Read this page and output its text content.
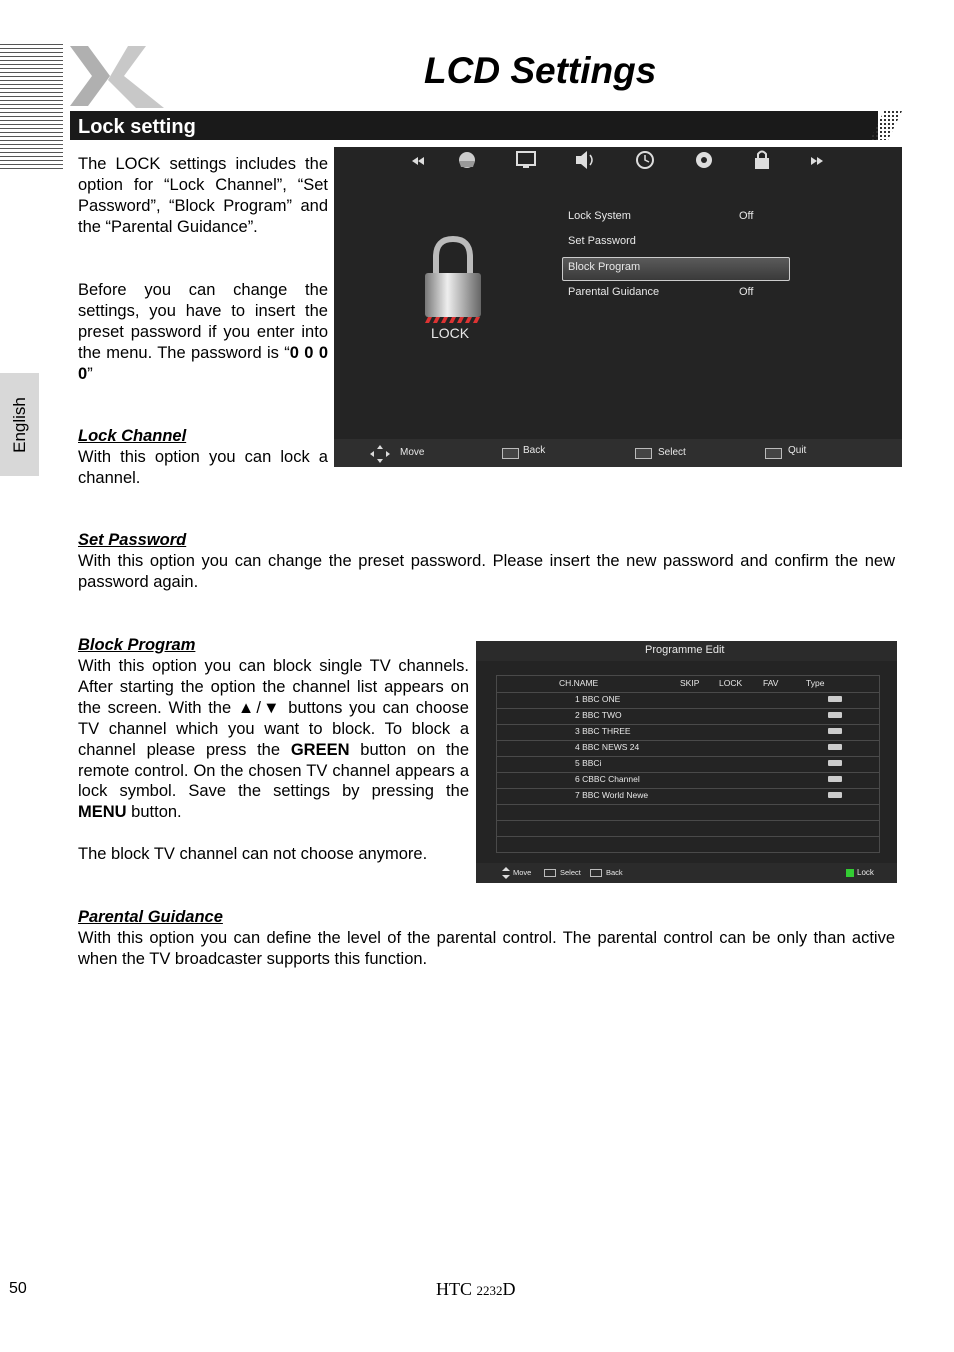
LCD Settings
English
Lock setting
The LOCK settings includes the option for “Lock Channel”, “Set Password”, “Block Program” and the “Parental Guidance”.
Before you can change the settings, you have to insert the preset password if you enter into the menu. The password is “0 0 0 0”
Lock Channel
With this option you can lock a channel.
LOCK
Lock System	Off
Set Password
Block Program
Parental Guidance	Off
Move	Back	Select	Quit
Set Password
With this option you can change the preset password. Please insert the new password and confirm the new password again.
Block Program
With this option you can block single TV channels. After starting the option the channel list appears on the screen. With the ▲/▼ buttons you can choose TV channel which you want to block. To block a channel please press the GREEN button on the remote control. On the chosen TV channel appears a lock symbol. Save the settings by pressing the MENU button.
The block TV channel can not choose anymore.
Programme Edit
CH.NAME	SKIP LOCK FAV	Type
1 BBC ONE
2 BBC TWO
3 BBC THREE
4 BBC NEWS 24
5 BBCi
6 CBBC Channel
7 BBC World Newe
Move	Select	Back	Lock
Parental Guidance
With this option you can define the level of the parental control. The parental control can be only than active when the TV broadcaster supports this function.
50	HTC 2232D
